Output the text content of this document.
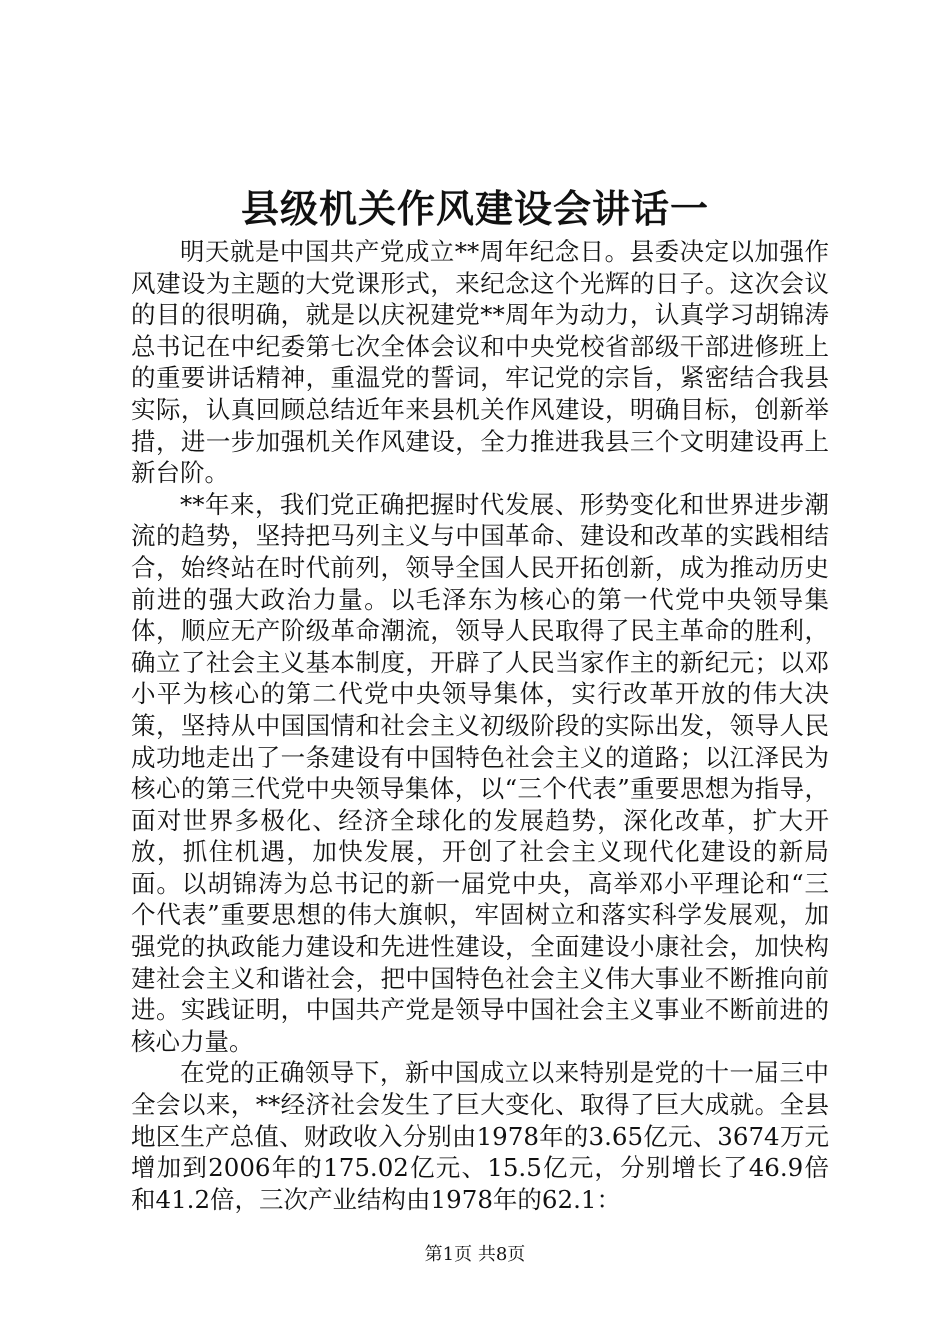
县级机关作风建设会讲话一

明天就是中国共产党成立**周年纪念日。县委决定以加强作风建设为主题的大党课形式，来纪念这个光辉的日子。这次会议的目的很明确，就是以庆祝建党**周年为动力，认真学习胡锦涛总书记在中纪委第七次全体会议和中央党校省部级干部进修班上的重要讲话精神，重温党的誓词，牢记党的宗旨，紧密结合我县实际，认真回顾总结近年来县机关作风建设，明确目标，创新举措，进一步加强机关作风建设，全力推进我县三个文明建设再上新台阶。

**年来，我们党正确把握时代发展、形势变化和世界进步潮流的趋势，坚持把马列主义与中国革命、建设和改革的实践相结合，始终站在时代前列，领导全国人民开拓创新，成为推动历史前进的强大政治力量。以毛泽东为核心的第一代党中央领导集体，顺应无产阶级革命潮流，领导人民取得了民主革命的胜利，确立了社会主义基本制度，开辟了人民当家作主的新纪元；以邓小平为核心的第二代党中央领导集体，实行改革开放的伟大决策，坚持从中国国情和社会主义初级阶段的实际出发，领导人民成功地走出了一条建设有中国特色社会主义的道路；以江泽民为核心的第三代党中央领导集体，以“三个代表”重要思想为指导，面对世界多极化、经济全球化的发展趋势，深化改革，扩大开放，抓住机遇，加快发展，开创了社会主义现代化建设的新局面。以胡锦涛为总书记的新一届党中央，高举邓小平理论和“三个代表”重要思想的伟大旗帜，牢固树立和落实科学发展观，加强党的执政能力建设和先进性建设，全面建设小康社会，加快构建社会主义和谐社会，把中国特色社会主义伟大事业不断推向前进。实践证明，中国共产党是领导中国社会主义事业不断前进的核心力量。

在党的正确领导下，新中国成立以来特别是党的十一届三中全会以来，**经济社会发生了巨大变化、取得了巨大成就。全县地区生产总值、财政收入分别由1978年的3.65亿元、3674万元增加到2006年的175.02亿元、15.5亿元，分别增长了46.9倍和41.2倍，三次产业结构由1978年的62.1：

第1页 共8页
